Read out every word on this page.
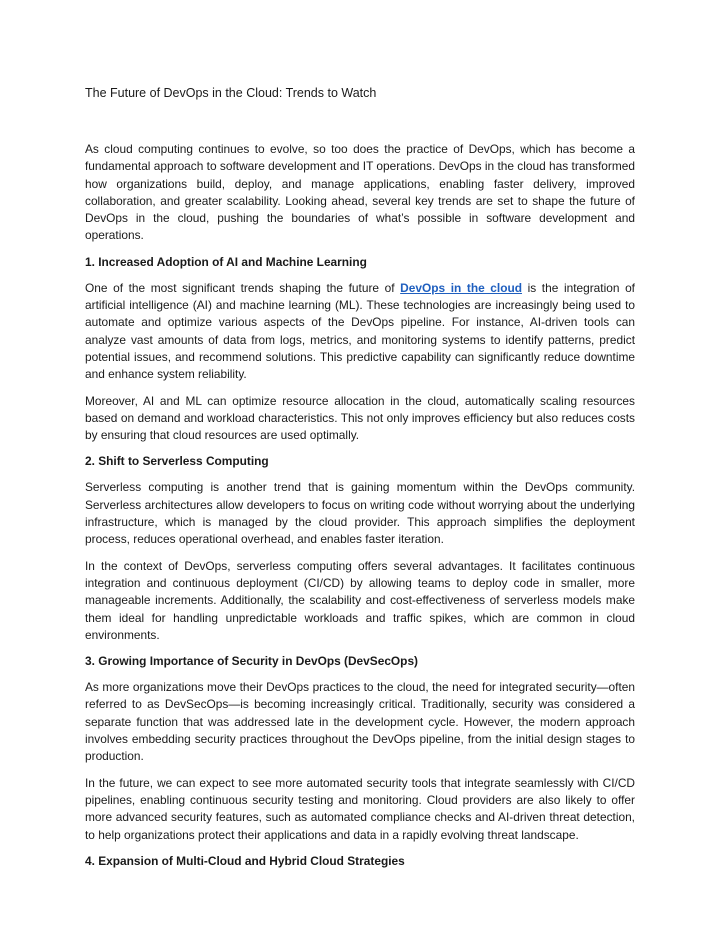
The Future of DevOps in the Cloud: Trends to Watch

As cloud computing continues to evolve, so too does the practice of DevOps, which has become a fundamental approach to software development and IT operations. DevOps in the cloud has transformed how organizations build, deploy, and manage applications, enabling faster delivery, improved collaboration, and greater scalability. Looking ahead, several key trends are set to shape the future of DevOps in the cloud, pushing the boundaries of what’s possible in software development and operations.

1. Increased Adoption of AI and Machine Learning

One of the most significant trends shaping the future of DevOps in the cloud is the integration of artificial intelligence (AI) and machine learning (ML). These technologies are increasingly being used to automate and optimize various aspects of the DevOps pipeline. For instance, AI-driven tools can analyze vast amounts of data from logs, metrics, and monitoring systems to identify patterns, predict potential issues, and recommend solutions. This predictive capability can significantly reduce downtime and enhance system reliability.

Moreover, AI and ML can optimize resource allocation in the cloud, automatically scaling resources based on demand and workload characteristics. This not only improves efficiency but also reduces costs by ensuring that cloud resources are used optimally.

2. Shift to Serverless Computing

Serverless computing is another trend that is gaining momentum within the DevOps community. Serverless architectures allow developers to focus on writing code without worrying about the underlying infrastructure, which is managed by the cloud provider. This approach simplifies the deployment process, reduces operational overhead, and enables faster iteration.

In the context of DevOps, serverless computing offers several advantages. It facilitates continuous integration and continuous deployment (CI/CD) by allowing teams to deploy code in smaller, more manageable increments. Additionally, the scalability and cost-effectiveness of serverless models make them ideal for handling unpredictable workloads and traffic spikes, which are common in cloud environments.

3. Growing Importance of Security in DevOps (DevSecOps)

As more organizations move their DevOps practices to the cloud, the need for integrated security—often referred to as DevSecOps—is becoming increasingly critical. Traditionally, security was considered a separate function that was addressed late in the development cycle. However, the modern approach involves embedding security practices throughout the DevOps pipeline, from the initial design stages to production.

In the future, we can expect to see more automated security tools that integrate seamlessly with CI/CD pipelines, enabling continuous security testing and monitoring. Cloud providers are also likely to offer more advanced security features, such as automated compliance checks and AI-driven threat detection, to help organizations protect their applications and data in a rapidly evolving threat landscape.

4. Expansion of Multi-Cloud and Hybrid Cloud Strategies
